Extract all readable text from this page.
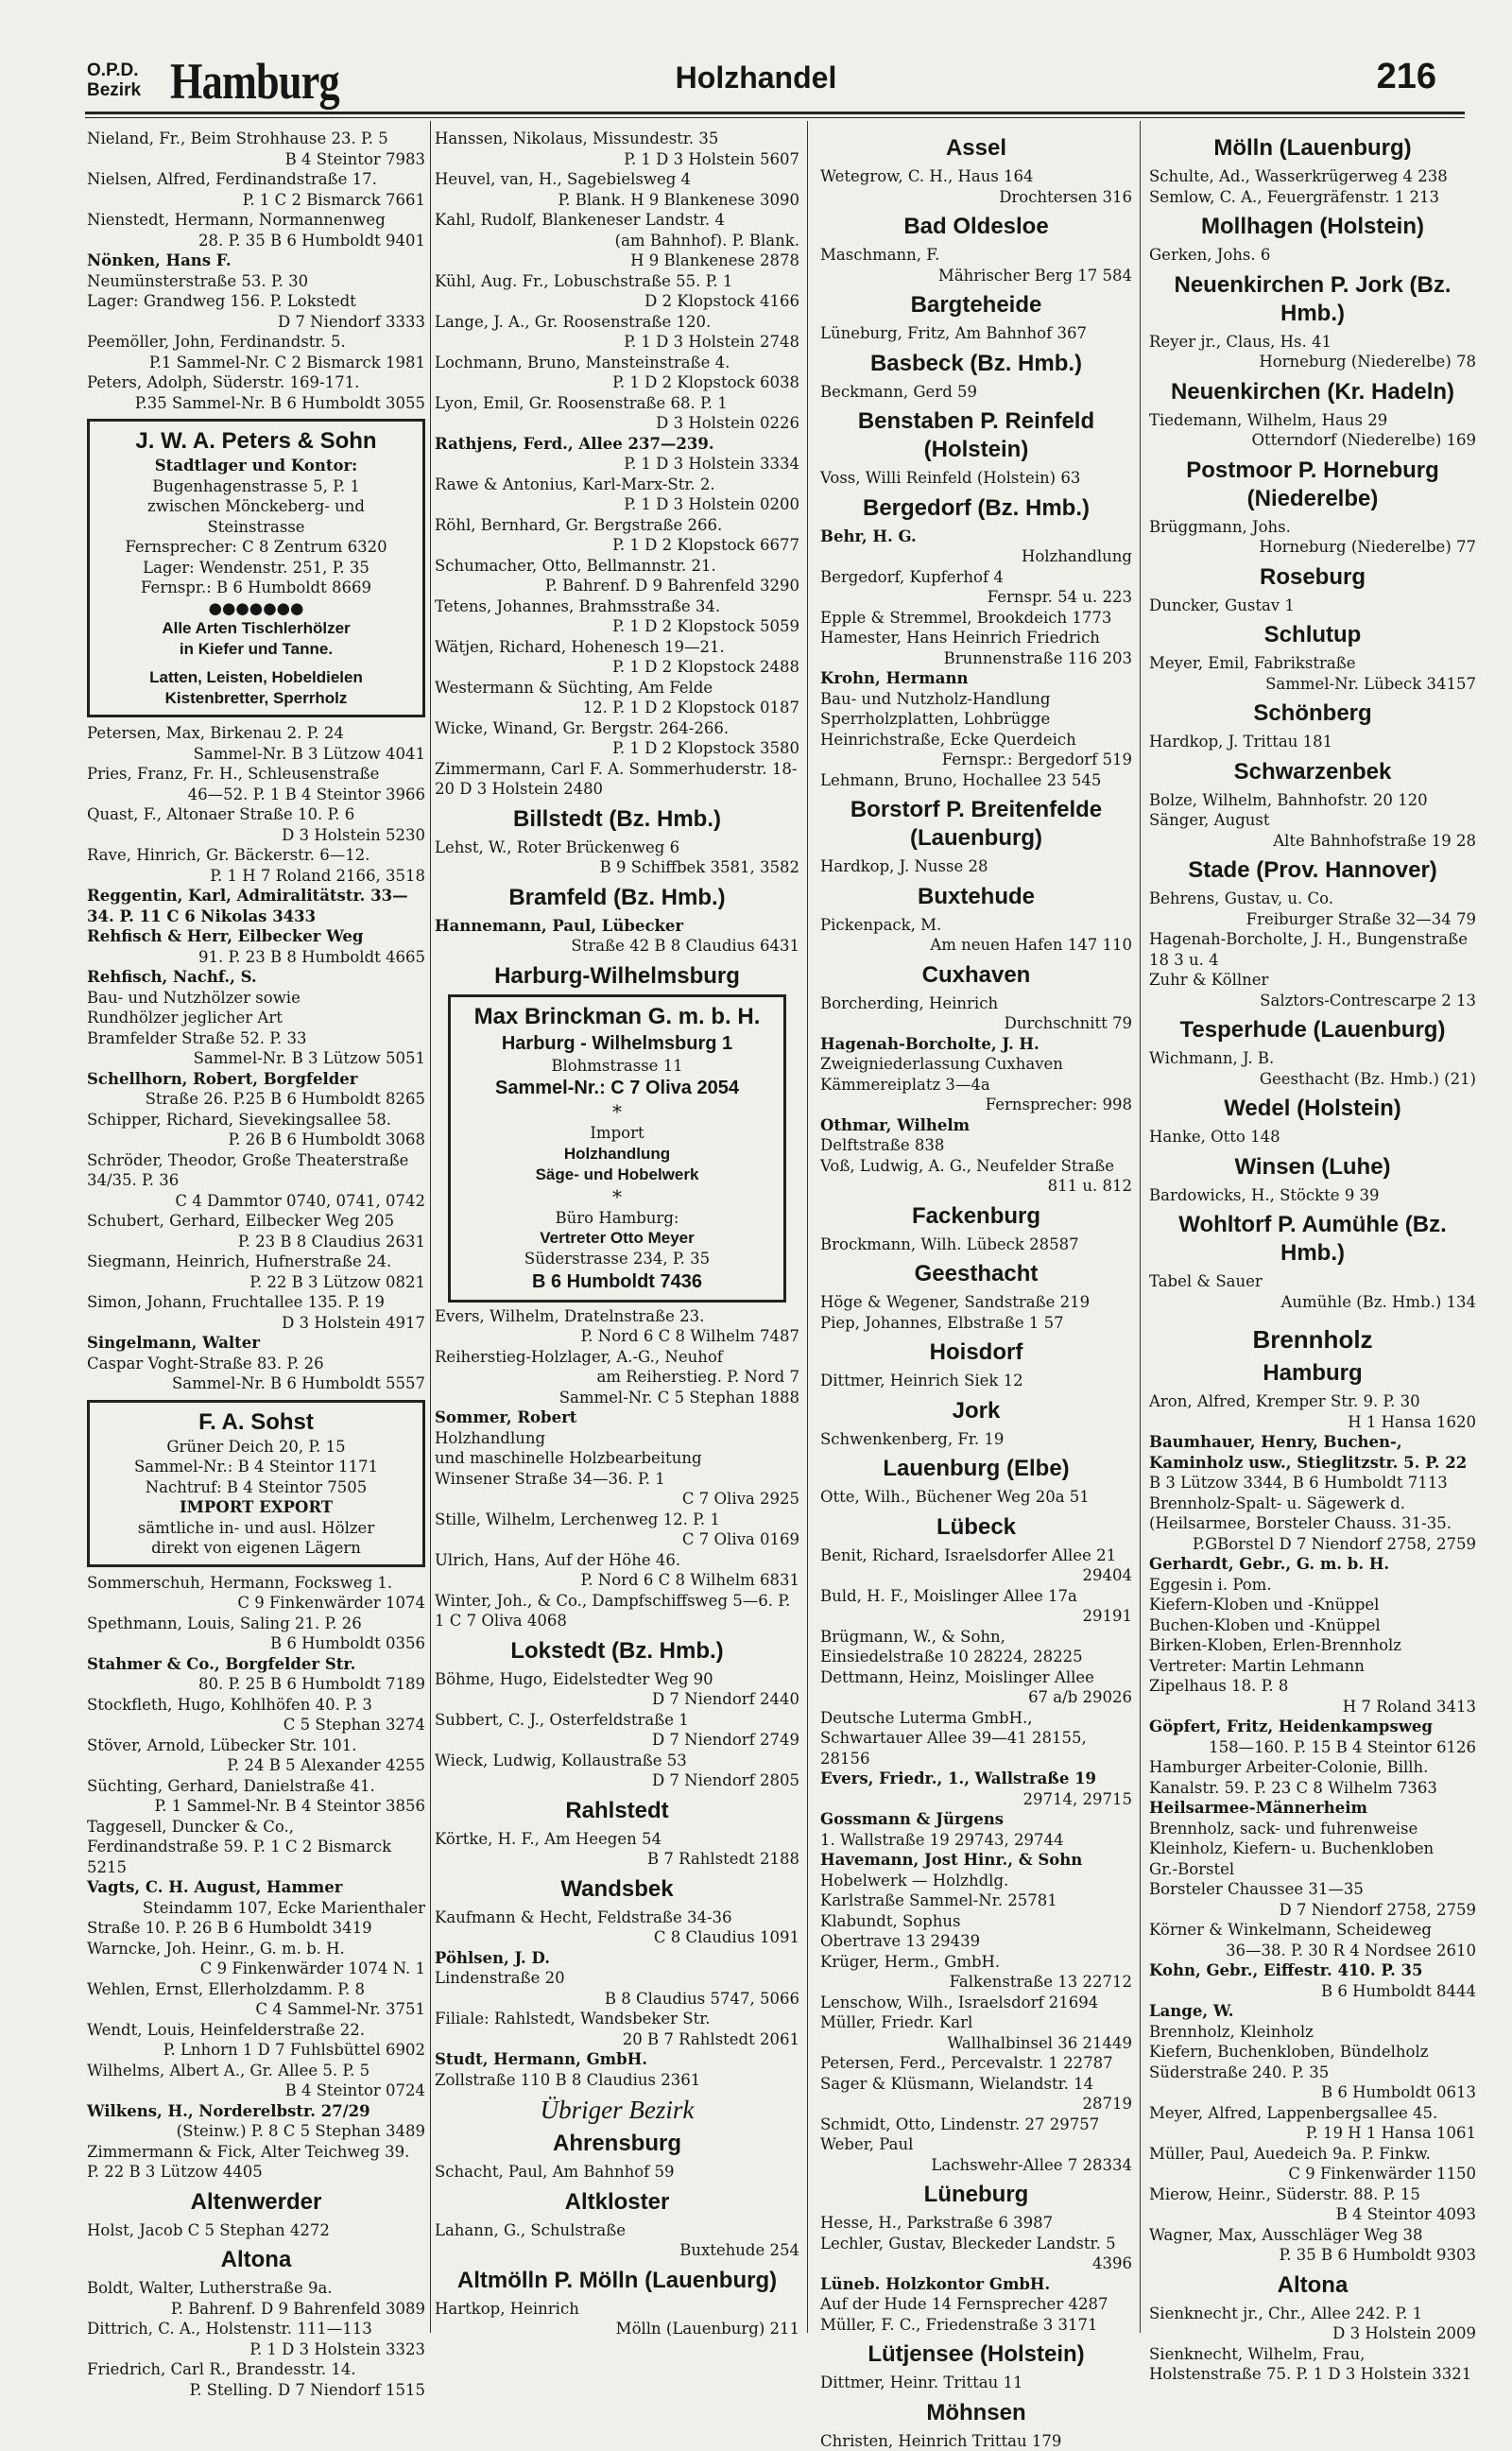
O.P.D.
Bezirk Hamburg	Holzhandel	216
Nieland, Fr., Beim Strohhause 23. P. 5
B 4 Steintor 7983
Nielsen, Alfred, Ferdinandstraße 17.
P. 1 C 2 Bismarck 7661
Nienstedt, Hermann, Normannenweg
28. P. 35 B 6 Humboldt 9401
Nönken, Hans F.
Neumünsterstraße 53. P. 30
Lager: Grandweg 156. P. Lokstedt
D 7 Niendorf 3333
Peemöller, John, Ferdinandstr. 5.
P.1 Sammel-Nr. C 2 Bismarck 1981
Peters, Adolph, Süderstr. 169-171.
P.35 Sammel-Nr. B 6 Humboldt 3055
J. W. A. Peters & Sohn
Stadtlager und Kontor:
Bugenhagenstrasse 5, P. 1
zwischen Mönckeberg- und
Steinstrasse
Fernsprecher: C 8 Zentrum 6320
Lager: Wendenstr. 251, P. 35
Fernspr.: B 6 Humboldt 8669
●●●●●●●
Alle Arten Tischlerhölzer
in Kiefer und Tanne.
Latten, Leisten, Hobeldielen
Kistenbretter, Sperrholz
Petersen, Max, Birkenau 2. P. 24
Sammel-Nr. B 3 Lützow 4041
Pries, Franz, Fr. H., Schleusenstraße
46—52. P. 1 B 4 Steintor 3966
Quast, F., Altonaer Straße 10. P. 6
D 3 Holstein 5230
Rave, Hinrich, Gr. Bäckerstr. 6—12.
P. 1 H 7 Roland 2166, 3518
Reggentin, Karl, Admiralitätstr. 33—34. P. 11 C 6 Nikolas 3433
Rehfisch & Herr, Eilbecker Weg
91. P. 23 B 8 Humboldt 4665
Rehfisch, Nachf., S.
Bau- und Nutzhölzer sowie
Rundhölzer jeglicher Art
Bramfelder Straße 52. P. 33
Sammel-Nr. B 3 Lützow 5051
Schellhorn, Robert, Borgfelder
Straße 26. P.25 B 6 Humboldt 8265
Schipper, Richard, Sievekingsallee 58.
P. 26 B 6 Humboldt 3068
Schröder, Theodor, Große Theaterstraße 34/35. P. 36
C 4 Dammtor 0740, 0741, 0742
Schubert, Gerhard, Eilbecker Weg 205
P. 23 B 8 Claudius 2631
Siegmann, Heinrich, Hufnerstraße 24.
P. 22 B 3 Lützow 0821
Simon, Johann, Fruchtallee 135. P. 19
D 3 Holstein 4917
Singelmann, Walter
Caspar Voght-Straße 83. P. 26
Sammel-Nr. B 6 Humboldt 5557
F. A. Sohst
Grüner Deich 20, P. 15
Sammel-Nr.: B 4 Steintor 1171
Nachtruf: B 4 Steintor 7505
IMPORT EXPORT
sämtliche in- und ausl. Hölzer
direkt von eigenen Lägern
Sommerschuh, Hermann, Focksweg 1.
C 9 Finkenwärder 1074
Spethmann, Louis, Saling 21. P. 26
B 6 Humboldt 0356
Stahmer & Co., Borgfelder Str.
80. P. 25 B 6 Humboldt 7189
Stockfleth, Hugo, Kohlhöfen 40. P. 3
C 5 Stephan 3274
Stöver, Arnold, Lübecker Str. 101.
P. 24 B 5 Alexander 4255
Süchting, Gerhard, Danielstraße 41.
P. 1 Sammel-Nr. B 4 Steintor 3856
Taggesell, Duncker & Co., Ferdinandstraße 59. P. 1 C 2 Bismarck 5215
Vagts, C. H. August, Hammer
Steindamm 107, Ecke Marienthaler
Straße 10. P. 26 B 6 Humboldt 3419
Warncke, Joh. Heinr., G. m. b. H.
C 9 Finkenwärder 1074 N. 1
Wehlen, Ernst, Ellerholzdamm. P. 8
C 4 Sammel-Nr. 3751
Wendt, Louis, Heinfelderstraße 22.
P. Lnhorn 1 D 7 Fuhlsbüttel 6902
Wilhelms, Albert A., Gr. Allee 5. P. 5
B 4 Steintor 0724
Wilkens, H., Norderelbstr. 27/29
(Steinw.) P. 8 C 5 Stephan 3489
Zimmermann & Fick, Alter Teichweg 39. P. 22 B 3 Lützow 4405
Altenwerder
Holst, Jacob C 5 Stephan 4272
Altona
Boldt, Walter, Lutherstraße 9a.
P. Bahrenf. D 9 Bahrenfeld 3089
Dittrich, C. A., Holstenstr. 111—113
P. 1 D 3 Holstein 3323
Friedrich, Carl R., Brandesstr. 14.
P. Stelling. D 7 Niendorf 1515
Hanssen, Nikolaus, Missundestr. 35
P. 1 D 3 Holstein 5607
Heuvel, van, H., Sagebielsweg 4
P. Blank. H 9 Blankenese 3090
Kahl, Rudolf, Blankeneser Landstr. 4
(am Bahnhof). P. Blank.
H 9 Blankenese 2878
Kühl, Aug. Fr., Lobuschstraße 55. P. 1
D 2 Klopstock 4166
Lange, J. A., Gr. Roosenstraße 120.
P. 1 D 3 Holstein 2748
Lochmann, Bruno, Mansteinstraße 4.
P. 1 D 2 Klopstock 6038
Lyon, Emil, Gr. Roosenstraße 68. P. 1
D 3 Holstein 0226
Rathjens, Ferd., Allee 237—239.
P. 1 D 3 Holstein 3334
Rawe & Antonius, Karl-Marx-Str. 2.
P. 1 D 3 Holstein 0200
Röhl, Bernhard, Gr. Bergstraße 266.
P. 1 D 2 Klopstock 6677
Schumacher, Otto, Bellmannstr. 21.
P. Bahrenf. D 9 Bahrenfeld 3290
Tetens, Johannes, Brahmsstraße 34.
P. 1 D 2 Klopstock 5059
Wätjen, Richard, Hohenesch 19—21.
P. 1 D 2 Klopstock 2488
Westermann & Süchting, Am Felde
12. P. 1 D 2 Klopstock 0187
Wicke, Winand, Gr. Bergstr. 264-266.
P. 1 D 2 Klopstock 3580
Zimmermann, Carl F. A. Sommerhuderstr. 18-20 D 3 Holstein 2480
Billstedt (Bz. Hmb.)
Lehst, W., Roter Brückenweg 6
B 9 Schiffbek 3581, 3582
Bramfeld (Bz. Hmb.)
Hannemann, Paul, Lübecker
Straße 42 B 8 Claudius 6431
Harburg-Wilhelmsburg
Max Brinckman G. m. b. H.
Harburg - Wilhelmsburg 1
Blohmstrasse 11
Sammel-Nr.: C 7 Oliva 2054
*
Import
Holzhandlung
Säge- und Hobelwerk
*
Büro Hamburg:
Vertreter Otto Meyer
Süderstrasse 234, P. 35
B 6 Humboldt 7436
Evers, Wilhelm, Dratelnstraße 23.
P. Nord 6 C 8 Wilhelm 7487
Reiherstieg-Holzlager, A.-G., Neuhof
am Reiherstieg. P. Nord 7
Sammel-Nr. C 5 Stephan 1888
Sommer, Robert
Holzhandlung
und maschinelle Holzbearbeitung
Winsener Straße 34—36. P. 1
C 7 Oliva 2925
Stille, Wilhelm, Lerchenweg 12. P. 1
C 7 Oliva 0169
Ulrich, Hans, Auf der Höhe 46.
P. Nord 6 C 8 Wilhelm 6831
Winter, Joh., & Co., Dampfschiffsweg 5—6. P. 1 C 7 Oliva 4068
Lokstedt (Bz. Hmb.)
Böhme, Hugo, Eidelstedter Weg 90
D 7 Niendorf 2440
Subbert, C. J., Osterfeldstraße 1
D 7 Niendorf 2749
Wieck, Ludwig, Kollaustraße 53
D 7 Niendorf 2805
Rahlstedt
Körtke, H. F., Am Heegen 54
B 7 Rahlstedt 2188
Wandsbek
Kaufmann & Hecht, Feldstraße 34-36
C 8 Claudius 1091
Pöhlsen, J. D.
Lindenstraße 20
B 8 Claudius 5747, 5066
Filiale: Rahlstedt, Wandsbeker Str.
20 B 7 Rahlstedt 2061
Studt, Hermann, GmbH.
Zollstraße 110 B 8 Claudius 2361
Übriger Bezirk
Ahrensburg
Schacht, Paul, Am Bahnhof 59
Altkloster
Lahann, G., Schulstraße
Buxtehude 254
Altmölln P. Mölln (Lauenburg)
Hartkop, Heinrich
Mölln (Lauenburg) 211
Assel
Wetegrow, C. H., Haus 164
Drochtersen 316
Bad Oldesloe
Maschmann, F.
Mährischer Berg 17 584
Bargteheide
Lüneburg, Fritz, Am Bahnhof 367
Basbeck (Bz. Hmb.)
Beckmann, Gerd 59
Benstaben P. Reinfeld (Holstein)
Voss, Willi Reinfeld (Holstein) 63
Bergedorf (Bz. Hmb.)
Behr, H. G.
Holzhandlung
Bergedorf, Kupferhof 4
Fernspr. 54 u. 223
Epple & Stremmel, Brookdeich 1773
Hamester, Hans Heinrich Friedrich
Brunnenstraße 116 203
Krohn, Hermann
Bau- und Nutzholz-Handlung
Sperrholzplatten, Lohbrügge
Heinrichstraße, Ecke Querdeich
Fernspr.: Bergedorf 519
Lehmann, Bruno, Hochallee 23 545
Borstorf P. Breitenfelde (Lauenburg)
Hardkop, J. Nusse 28
Buxtehude
Pickenpack, M.
Am neuen Hafen 147 110
Cuxhaven
Borcherding, Heinrich
Durchschnitt 79
Hagenah-Borcholte, J. H.
Zweigniederlassung Cuxhaven
Kämmereiplatz 3—4a
Fernsprecher: 998
Othmar, Wilhelm
Delftstraße 838
Voß, Ludwig, A. G., Neufelder Straße
811 u. 812
Fackenburg
Brockmann, Wilh. Lübeck 28587
Geesthacht
Höge & Wegener, Sandstraße 219
Piep, Johannes, Elbstraße 1 57
Hoisdorf
Dittmer, Heinrich Siek 12
Jork
Schwenkenberg, Fr. 19
Lauenburg (Elbe)
Otte, Wilh., Büchener Weg 20a 51
Lübeck
Benit, Richard, Israelsdorfer Allee 21
29404
Buld, H. F., Moislinger Allee 17a
29191
Brügmann, W., & Sohn, Einsiedelstraße 10 28224, 28225
Dettmann, Heinz, Moislinger Allee
67 a/b 29026
Deutsche Luterma GmbH., Schwartauer Allee 39—41 28155, 28156
Evers, Friedr., 1., Wallstraße 19
29714, 29715
Gossmann & Jürgens
1. Wallstraße 19 29743, 29744
Havemann, Jost Hinr., & Sohn
Hobelwerk — Holzhdlg.
Karlstraße Sammel-Nr. 25781
Klabundt, Sophus
Obertrave 13 29439
Krüger, Herm., GmbH.
Falkenstraße 13 22712
Lenschow, Wilh., Israelsdorf 21694
Müller, Friedr. Karl
Wallhalbinsel 36 21449
Petersen, Ferd., Percevalstr. 1 22787
Sager & Klüsmann, Wielandstr. 14
28719
Schmidt, Otto, Lindenstr. 27 29757
Weber, Paul
Lachswehr-Allee 7 28334
Lüneburg
Hesse, H., Parkstraße 6 3987
Lechler, Gustav, Bleckeder Landstr. 5
4396
Lüneb. Holzkontor GmbH.
Auf der Hude 14 Fernsprecher 4287
Müller, F. C., Friedenstraße 3 3171
Lütjensee (Holstein)
Dittmer, Heinr. Trittau 11
Möhnsen
Christen, Heinrich Trittau 179
Mölln (Lauenburg)
Schulte, Ad., Wasserkrügerweg 4 238
Semlow, C. A., Feuergräfenstr. 1 213
Mollhagen (Holstein)
Gerken, Johs. 6
Neuenkirchen P. Jork (Bz. Hmb.)
Reyer jr., Claus, Hs. 41
Horneburg (Niederelbe) 78
Neuenkirchen (Kr. Hadeln)
Tiedemann, Wilhelm, Haus 29
Otterndorf (Niederelbe) 169
Postmoor P. Horneburg (Niederelbe)
Brüggmann, Johs.
Horneburg (Niederelbe) 77
Roseburg
Duncker, Gustav 1
Schlutup
Meyer, Emil, Fabrikstraße
Sammel-Nr. Lübeck 34157
Schönberg
Hardkop, J. Trittau 181
Schwarzenbek
Bolze, Wilhelm, Bahnhofstr. 20 120
Sänger, August
Alte Bahnhofstraße 19 28
Stade (Prov. Hannover)
Behrens, Gustav, u. Co.
Freiburger Straße 32—34 79
Hagenah-Borcholte, J. H., Bungenstraße 18 3 u. 4
Zuhr & Köllner
Salztors-Contrescarpe 2 13
Tesperhude (Lauenburg)
Wichmann, J. B.
Geesthacht (Bz. Hmb.) (21)
Wedel (Holstein)
Hanke, Otto 148
Winsen (Luhe)
Bardowicks, H., Stöckte 9 39
Wohltorf P. Aumühle (Bz. Hmb.)
Tabel & Sauer
Aumühle (Bz. Hmb.) 134
Brennholz
Hamburg
Aron, Alfred, Kremper Str. 9. P. 30
H 1 Hansa 1620
Baumhauer, Henry, Buchen-, Kaminholz usw., Stieglitzstr. 5. P. 22
B 3 Lützow 3344, B 6 Humboldt 7113
Brennholz-Spalt- u. Sägewerk d. (Heilsarmee, Borsteler Chauss. 31-35.
P.GBorstel D 7 Niendorf 2758, 2759
Gerhardt, Gebr., G. m. b. H.
Eggesin i. Pom.
Kiefern-Kloben und -Knüppel
Buchen-Kloben und -Knüppel
Birken-Kloben, Erlen-Brennholz
Vertreter: Martin Lehmann
Zipelhaus 18. P. 8
H 7 Roland 3413
Göpfert, Fritz, Heidenkampsweg
158—160. P. 15 B 4 Steintor 6126
Hamburger Arbeiter-Colonie, Billh. Kanalstr. 59. P. 23 C 8 Wilhelm 7363
Heilsarmee-Männerheim
Brennholz, sack- und fuhrenweise
Kleinholz, Kiefern- u. Buchenkloben
Gr.-Borstel
Borsteler Chaussee 31—35
D 7 Niendorf 2758, 2759
Körner & Winkelmann, Scheideweg
36—38. P. 30 R 4 Nordsee 2610
Kohn, Gebr., Eiffestr. 410. P. 35
B 6 Humboldt 8444
Lange, W.
Brennholz, Kleinholz
Kiefern, Buchenkloben, Bündelholz
Süderstraße 240. P. 35
B 6 Humboldt 0613
Meyer, Alfred, Lappenbergsallee 45.
P. 19 H 1 Hansa 1061
Müller, Paul, Auedeich 9a. P. Finkw.
C 9 Finkenwärder 1150
Mierow, Heinr., Süderstr. 88. P. 15
B 4 Steintor 4093
Wagner, Max, Ausschläger Weg 38
P. 35 B 6 Humboldt 9303
Altona
Sienknecht jr., Chr., Allee 242. P. 1
D 3 Holstein 2009
Sienknecht, Wilhelm, Frau, Holstenstraße 75. P. 1 D 3 Holstein 3321
